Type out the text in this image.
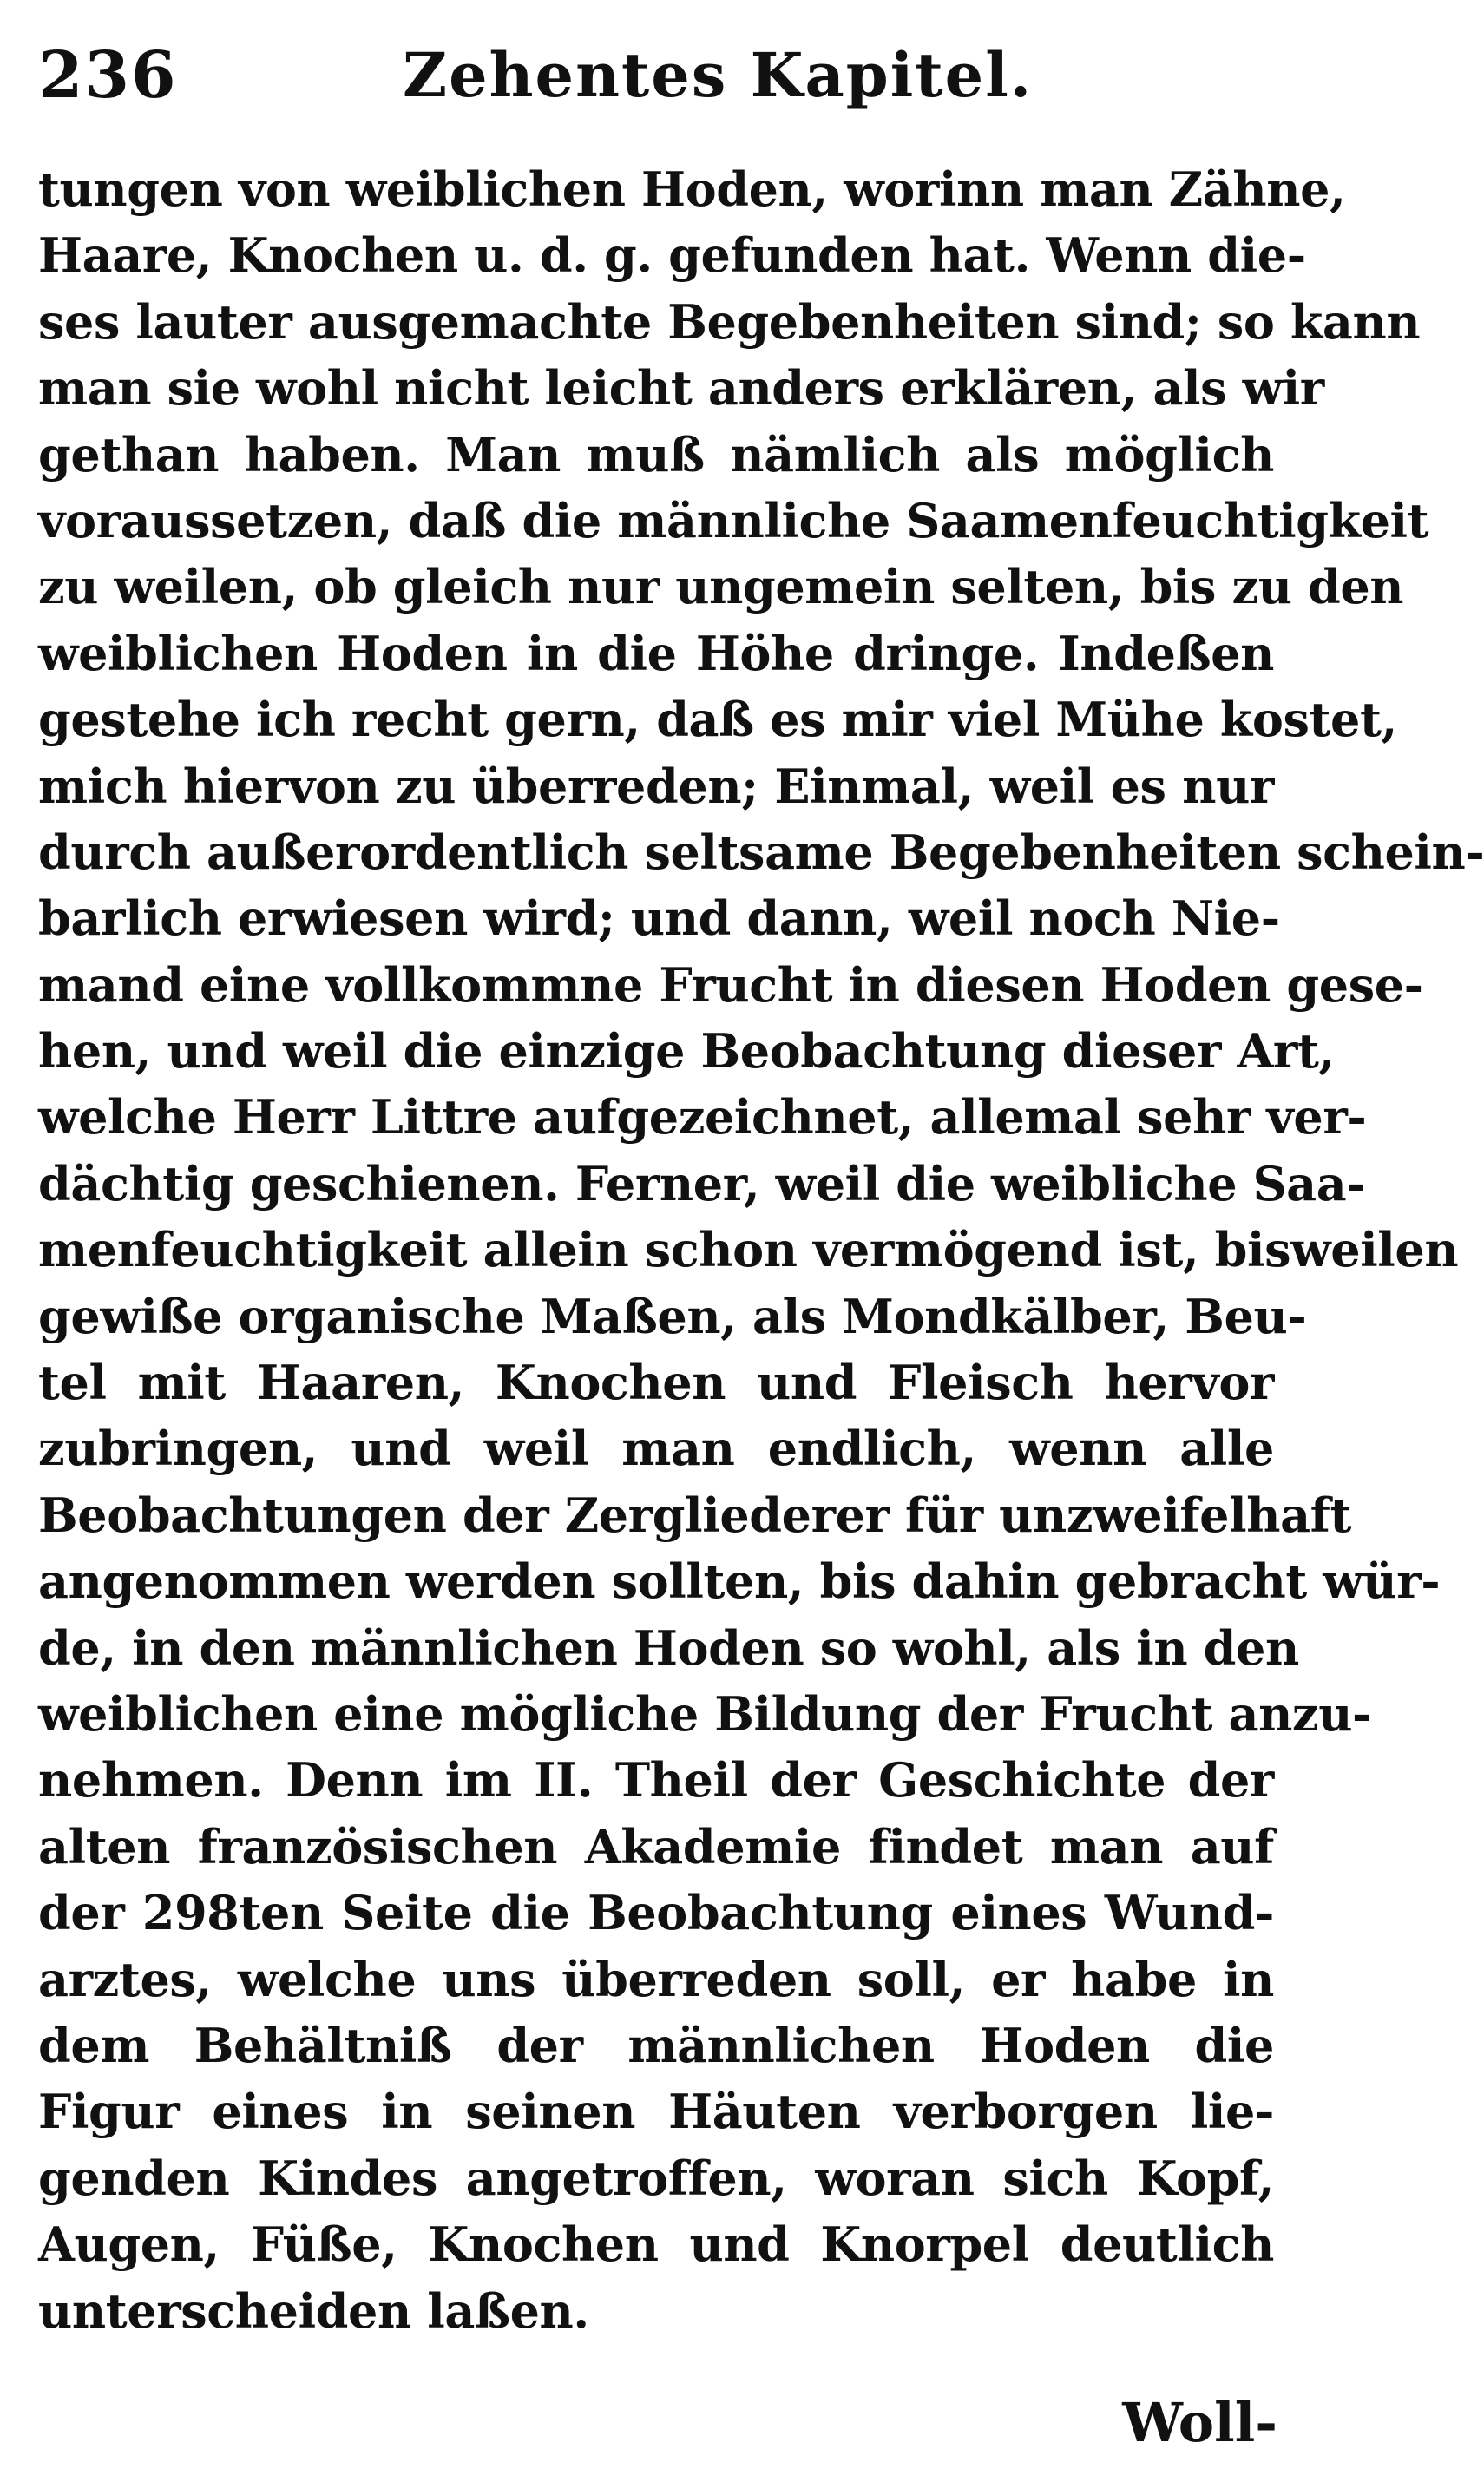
236	Zehentes Kapitel.
tungen von weiblichen Hoden, worinn man Zähne,
Haare, Knochen u. d. g. gefunden hat. Wenn die-
ses lauter ausgemachte Begebenheiten sind; so kann
man sie wohl nicht leicht anders erklären, als wir
gethan haben. Man muß nämlich als möglich
voraussetzen, daß die männliche Saamenfeuchtigkeit
zu weilen, ob gleich nur ungemein selten, bis zu den
weiblichen Hoden in die Höhe dringe. Indeßen
gestehe ich recht gern, daß es mir viel Mühe kostet,
mich hiervon zu überreden; Einmal, weil es nur
durch außerordentlich seltsame Begebenheiten schein-
barlich erwiesen wird; und dann, weil noch Nie-
mand eine vollkommne Frucht in diesen Hoden gese-
hen, und weil die einzige Beobachtung dieser Art,
welche Herr Littre aufgezeichnet, allemal sehr ver-
dächtig geschienen. Ferner, weil die weibliche Saa-
menfeuchtigkeit allein schon vermögend ist, bisweilen
gewiße organische Maßen, als Mondkälber, Beu-
tel mit Haaren, Knochen und Fleisch hervor
zubringen, und weil man endlich, wenn alle
Beobachtungen der Zergliederer für unzweifelhaft
angenommen werden sollten, bis dahin gebracht wür-
de, in den männlichen Hoden so wohl, als in den
weiblichen eine mögliche Bildung der Frucht anzu-
nehmen. Denn im II. Theil der Geschichte der
alten französischen Akademie findet man auf
der 298ten Seite die Beobachtung eines Wund-
arztes, welche uns überreden soll, er habe in
dem Behältniß der männlichen Hoden die
Figur eines in seinen Häuten verborgen lie-
genden Kindes angetroffen, woran sich Kopf,
Augen, Füße, Knochen und Knorpel deutlich
unterscheiden laßen.
Woll-
